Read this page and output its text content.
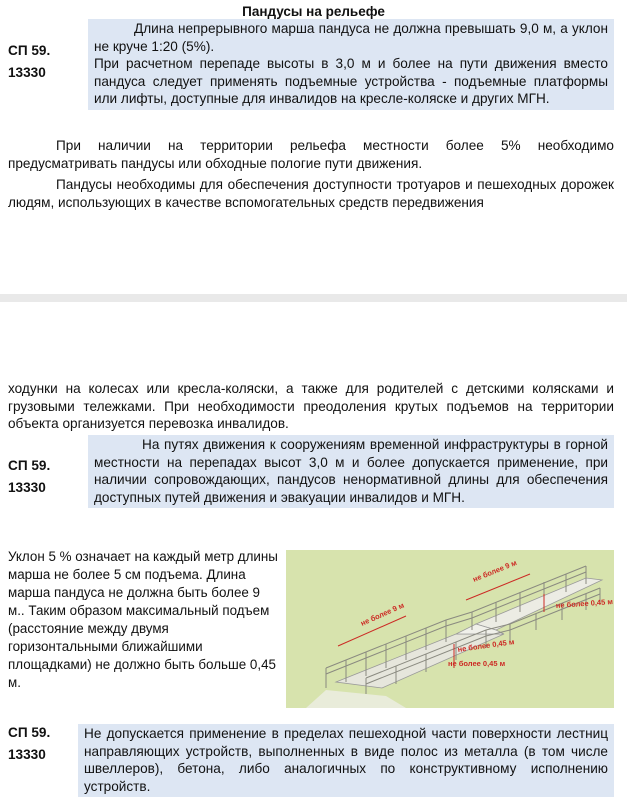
Пандусы на рельефе
СП 59.
13330
Длина непрерывного марша пандуса не должна превышать 9,0 м, а уклон не круче 1:20 (5%).
При расчетном перепаде высоты в 3,0 м и более на пути движения вместо пандуса следует применять подъемные устройства - подъемные платформы или лифты, доступные для инвалидов на кресле-коляске и других МГН.
При наличии на территории рельефа местности более 5% необходимо предусматривать пандусы или обходные пологие пути движения.
Пандусы необходимы для обеспечения доступности тротуаров и пешеходных дорожек людям, использующих в качестве вспомогательных средств передвижения
ходунки на колесах или кресла-коляски, а также для родителей с детскими колясками и грузовыми тележками. При необходимости преодоления крутых подъемов на территории объекта организуется перевозка инвалидов.
СП 59.
13330
На путях движения к сооружениям временной инфраструктуры в горной местности на перепадах высот 3,0 м и более допускается применение, при наличии сопровождающих, пандусов ненормативной длины для обеспечения доступных путей движения и эвакуации инвалидов и МГН.
Уклон 5 % означает на каждый метр длины марша не более 5 см подъема. Длина марша пандуса не должна быть более 9 м.. Таким образом максимальный подъем (расстояние между двумя горизонтальными ближайшими площадками) не должно быть больше 0,45 м.
не более 9 м
не более 9 м
не более 0,45 м
не более 0,45 м
не более 0,45 м
СП 59.
13330
Не допускается применение в пределах пешеходной части поверхности лестниц направляющих устройств, выполненных в виде полос из металла (в том числе швеллеров), бетона, либо аналогичных по конструктивному исполнению устройств.
